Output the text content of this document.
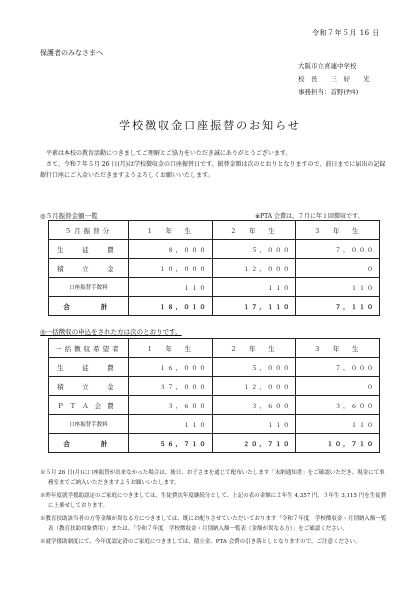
令和７年５月 16 日
保護者のみなさまへ
大阪市立喜連中学校
校　長　　三　好　　光
事務担当：首野(ｻﾂｷ)
学校徴収金口座振替のお知らせ

平素は本校の教育活動につきましてご理解とご協力をいただき誠にありがとうございます。

さて、令和７年５月 26 日(月)は学校徴収金の口座振替日です。振替金額は次のとおりとなりますので、前日までに届出の記録銀行口座にご入金いただきますようよろしくお願いいたします。

◎５月振替金額一覧	※PTA 会費は、７月に年１回徴収です。
５月振替分	１　年　生	２　年　生	３　年　生
生　徒　費	８，０００	５，０００	７，０００
積　立　金	１０，０００	１２，０００	０
口座振替手数料	１１０	１１０	１１０
合　　計	１８，０１０	１７，１１０	７，１１０
◎一括徴収の申込をされた方は次のとおりです。
一括徴収希望者	１　年　生	２　年　生	３　年　生
生　徒　費	１６，０００	５，０００	７，０００
積　立　金	３７，０００	１２，０００	０
ＰＴＡ会費	３，６００	３，６００	３，６００
口座振替手数料	１１０	１１０	１１０
合　　計	５６，７１０	２０，７１０	１０，７１０

※５月 26 日(月)に口座振替が出来なかった場合は、後日、お子さまを通じて配布いたします「未納通知書」をご確認いただき、現金にて事務室までご納入いただきますようお願いいたします。

※昨年度就学援助認定のご家庭につきましては、生徒費次年度継続分として、上記の表の金額に２年生 4,357 円、３年生 3,115 円を生徒費に上乗せしております。

※教育扶助該当者の方等金額が異なる方につきましては、既にお配りさせていただいております「令和７年度　学校徴収金・月別納入額一覧表（教育扶助対象費用）」または、「令和７年度　学校徴収金・月別納入額一覧表（金額が異なる方）」をご確認ください。

※就学援助制度にて、今年度認定済のご家庭につきましては、積立金、PTA 会費の引き落としとなりますので、ご注意ください。
